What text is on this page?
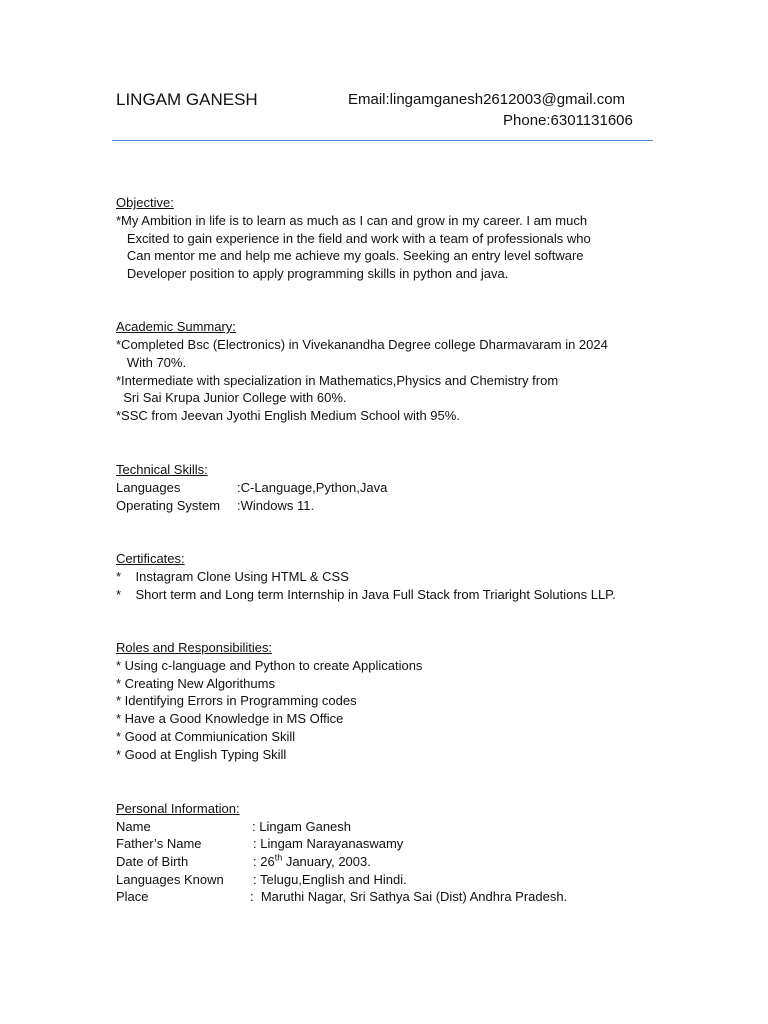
LINGAM GANESH	Email:lingamganesh2612003@gmail.com
Phone:6301131606
Objective:
*My Ambition in life is to learn as much as I can and grow in my career. I am much
Excited to gain experience in the field and work with a team of professionals who
Can mentor me and help me achieve my goals. Seeking an entry level software
Developer position to apply programming skills in python and java.
Academic Summary:
*Completed Bsc (Electronics) in Vivekanandha Degree college Dharmavaram in 2024
With 70%.
*Intermediate with specialization in Mathematics,Physics and Chemistry from
Sri Sai Krupa Junior College with 60%.
*SSC from Jeevan Jyothi English Medium School with 95%.
Technical Skills:
Languages	:C-Language,Python,Java
Operating System :Windows 11.
Certificates:
*    Instagram Clone Using HTML & CSS
*    Short term and Long term Internship in Java Full Stack from Triaright Solutions LLP.
Roles and Responsibilities:
* Using c-language and Python to create Applications
* Creating New Algorithums
* Identifying Errors in Programming codes
* Have a Good Knowledge in MS Office
* Good at Commiunication Skill
* Good at English Typing Skill
Personal Information:
Name	: Lingam Ganesh
Father’s Name	: Lingam Narayanaswamy
Date of Birth	: 26th January, 2003.
Languages Known : Telugu,English and Hindi.
Place	:  Maruthi Nagar, Sri Sathya Sai (Dist) Andhra Pradesh.
